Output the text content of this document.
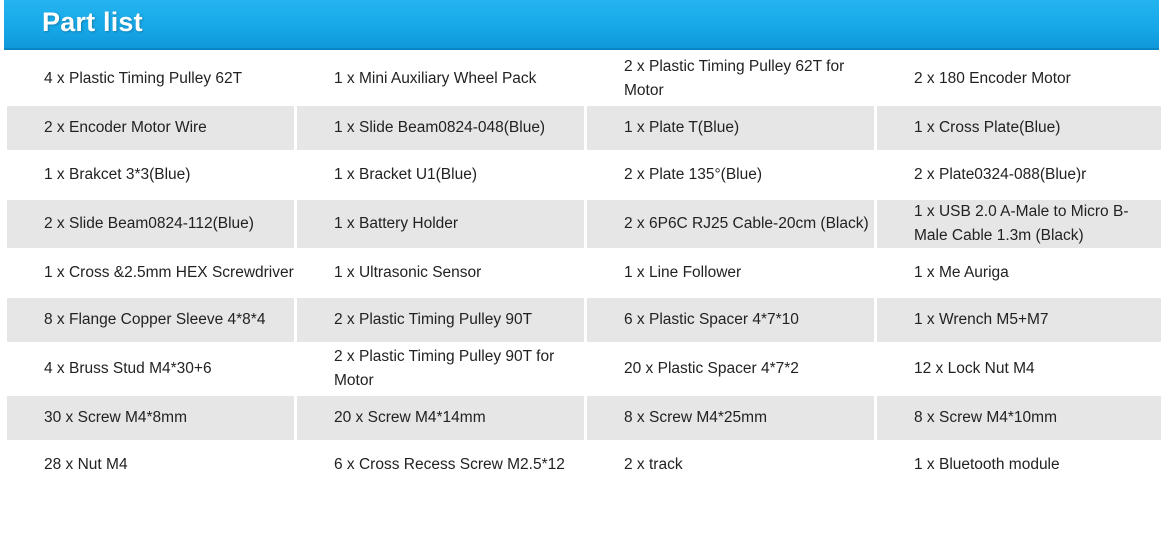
Part list
4 x Plastic Timing Pulley 62T	1 x Mini Auxiliary Wheel Pack	2 x Plastic Timing Pulley 62T for Motor	2 x 180 Encoder Motor
2 x Encoder Motor Wire	1 x Slide Beam0824-048(Blue)	1 x Plate T(Blue)	1 x Cross Plate(Blue)
1 x Brakcet 3*3(Blue)	1 x Bracket U1(Blue)	2 x Plate 135°(Blue)	2 x Plate0324-088(Blue)r
2 x Slide Beam0824-112(Blue)	1 x Battery Holder	2 x 6P6C RJ25 Cable-20cm (Black)	1 x USB 2.0 A-Male to Micro B-Male Cable 1.3m (Black)
1 x Cross &2.5mm HEX Screwdriver	1 x Ultrasonic Sensor	1 x Line Follower	1 x Me Auriga
8 x Flange Copper Sleeve 4*8*4	2 x Plastic Timing Pulley 90T	6 x Plastic Spacer 4*7*10	1 x Wrench M5+M7
4 x Bruss Stud M4*30+6	2 x Plastic Timing Pulley 90T for Motor	20 x Plastic Spacer 4*7*2	12 x Lock Nut M4
30 x Screw M4*8mm	20 x Screw M4*14mm	8 x Screw M4*25mm	8 x Screw M4*10mm
28 x Nut M4	6 x Cross Recess Screw M2.5*12	2 x track	1 x Bluetooth module
